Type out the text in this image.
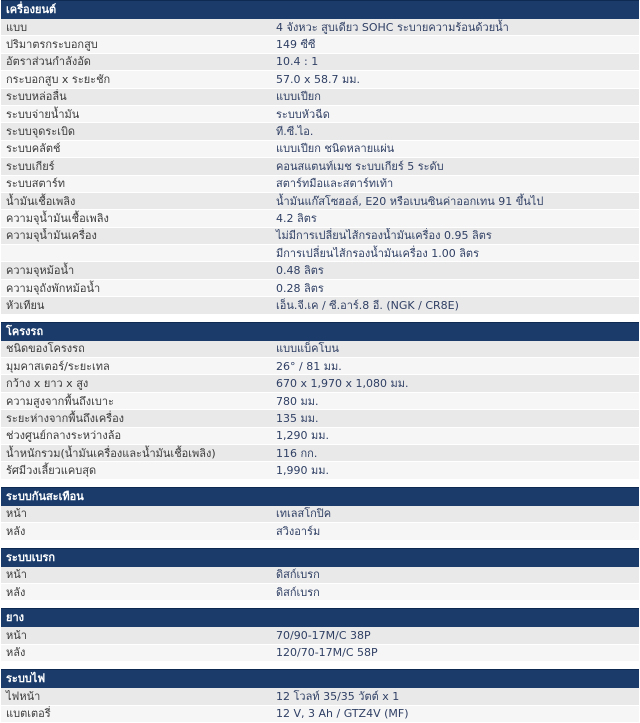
เครื่องยนต์
แบบ	4 จังหวะ สูบเดียว SOHC ระบายความร้อนด้วยน้ำ
ปริมาตรกระบอกสูบ	149 ซีซี
อัตราส่วนกำลังอัด	10.4 : 1
กระบอกสูบ x ระยะชัก	57.0 x 58.7 มม.
ระบบหล่อลื่น	แบบเปียก
ระบบจ่ายน้ำมัน	ระบบหัวฉีด
ระบบจุดระเบิด	ที.ซี.ไอ.
ระบบคลัตช์	แบบเปียก ชนิดหลายแผ่น
ระบบเกียร์	คอนสแตนท์เมช ระบบเกียร์ 5 ระดับ
ระบบสตาร์ท	สตาร์ทมือและสตาร์ทเท้า
น้ำมันเชื้อเพลิง	น้ำมันแก๊สโซฮอล์, E20 หรือเบนซินค่าออกเทน 91 ขึ้นไป
ความจุน้ำมันเชื้อเพลิง	4.2 ลิตร
ความจุน้ำมันเครื่อง	ไม่มีการเปลี่ยนไส้กรองน้ำมันเครื่อง 0.95 ลิตร
	มีการเปลี่ยนไส้กรองน้ำมันเครื่อง 1.00 ลิตร
ความจุหม้อน้ำ	0.48 ลิตร
ความจุถังพักหม้อน้ำ	0.28 ลิตร
หัวเทียน	เอ็น.จี.เค / ซี.อาร์.8 อี. (NGK / CR8E)
โครงรถ
ชนิดของโครงรถ	แบบแบ็คโบน
มุมคาสเตอร์/ระยะเทล	26° / 81 มม.
กว้าง x ยาว x สูง	670 x 1,970 x 1,080 มม.
ความสูงจากพื้นถึงเบาะ	780 มม.
ระยะห่างจากพื้นถึงเครื่อง	135 มม.
ช่วงศูนย์กลางระหว่างล้อ	1,290 มม.
น้ำหนักรวม(น้ำมันเครื่องและน้ำมันเชื้อเพลิง)	116 กก.
รัศมีวงเลี้ยวแคบสุด	1,990 มม.
ระบบกันสะเทือน
หน้า	เทเลสโกปิค
หลัง	สวิงอาร์ม
ระบบเบรก
หน้า	ดิสก์เบรก
หลัง	ดิสก์เบรก
ยาง
หน้า	70/90-17M/C 38P
หลัง	120/70-17M/C 58P
ระบบไฟ
ไฟหน้า	12 โวลท์ 35/35 วัตต์ x 1
แบตเตอรี่	12 V, 3 Ah / GTZ4V (MF)
